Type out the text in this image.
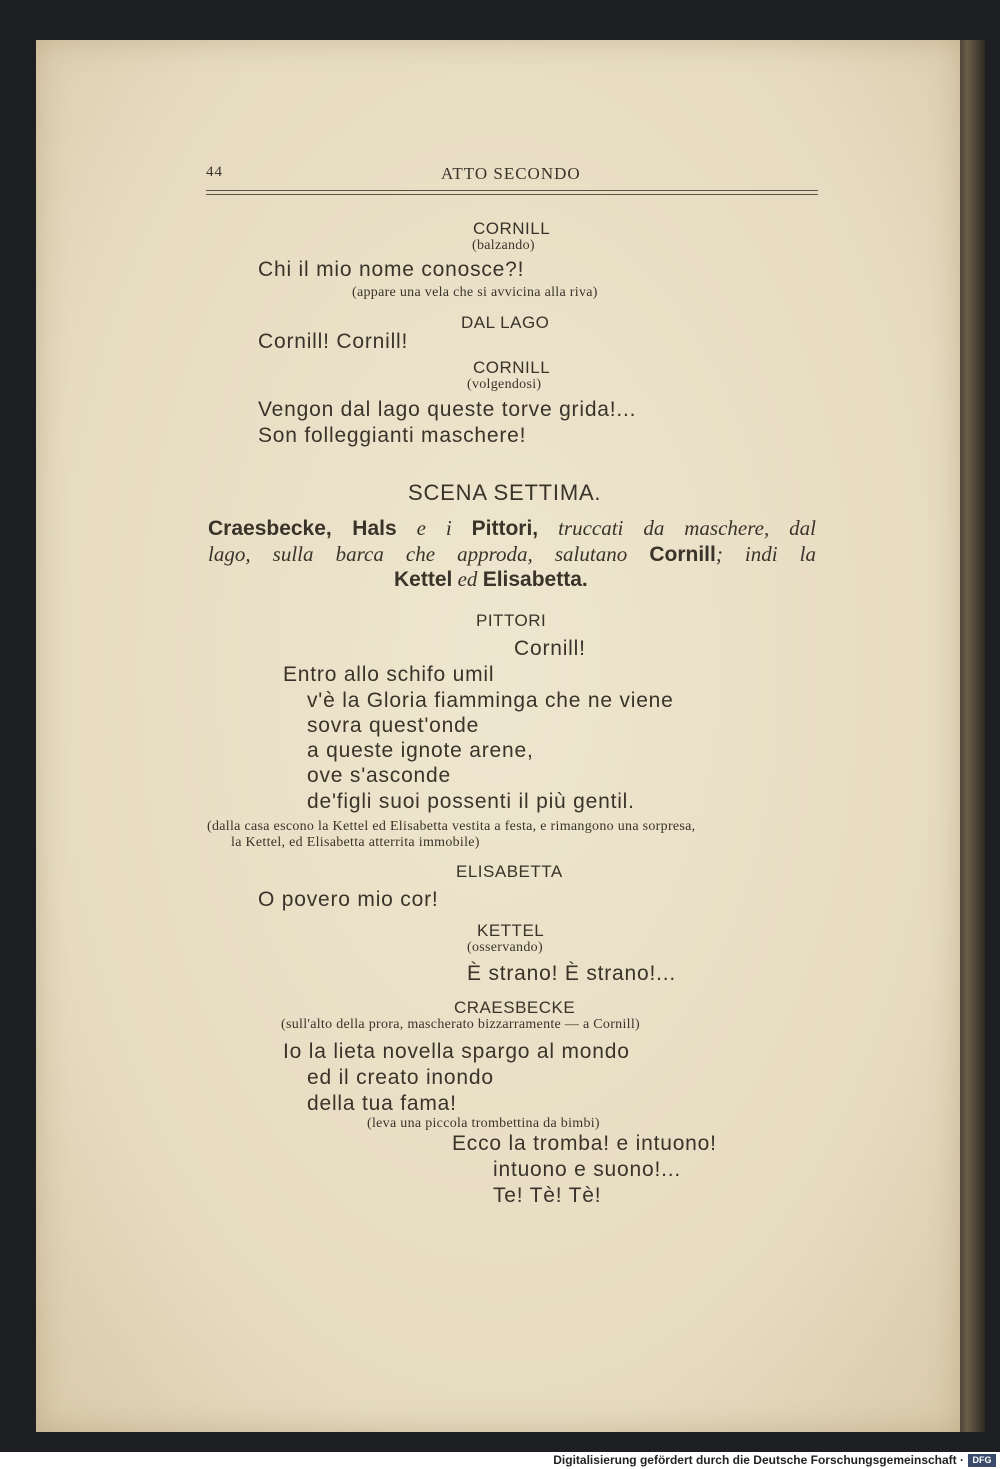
44	ATTO SECONDO
CORNILL
(balzando)
Chi il mio nome conosce?!
(appare una vela che si avvicina alla riva)
DAL LAGO
Cornill! Cornill!
CORNILL
(volgendosi)
Vengon dal lago queste torve grida!...
Son folleggianti maschere!
SCENA SETTIMA.
Craesbecke, Hals e i Pittori, truccati da maschere, dal
lago, sulla barca che approda, salutano Cornill; indi la
Kettel ed Elisabetta.
PITTORI
Cornill!
Entro allo schifo umil
v'è la Gloria fiamminga che ne viene
sovra quest'onde
a queste ignote arene,
ove s'asconde
de'figli suoi possenti il più gentil.
(dalla casa escono la Kettel ed Elisabetta vestita a festa, e rimangono una sorpresa,
la Kettel, ed Elisabetta atterrita immobile)
ELISABETTA
O povero mio cor!
KETTEL
(osservando)
È strano! È strano!...
CRAESBECKE
(sull'alto della prora, mascherato bizzarramente — a Cornill)
Io la lieta novella spargo al mondo
ed il creato inondo
della tua fama!
(leva una piccola trombettina da bimbi)
Ecco la tromba! e intuono!
intuono e suono!...
Te! Tè! Tè!
Digitalisierung gefördert durch die Deutsche Forschungsgemeinschaft · DFG
